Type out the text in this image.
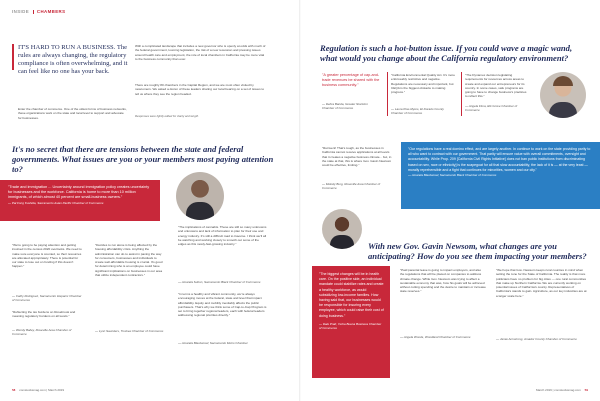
INSIDE CHAMBERS
IT'S HARD TO RUN A BUSINESS. The rules are always changing, the regulatory compliance is often overwhelming, and it can feel like no one has your back.
Enter the chamber of commerce. One of the oldest forms of business networks, these organizations work on the state and local level to support and advocate for businesses.
With a complicated landscape that includes a new governor who is openly at odds with much of the federal government, looming legislation, the risk of a new recession and pressing issues around health care and employment, the role of local chambers in California may be more vital to the business community than ever.
There are roughly 80 chambers in the Capital Region, and we are most often visited by newcomers. We asked a dozen of these leaders sharing our local bearing on a set of issues to tell us where they see the region headed.
Responses were lightly edited for clarity and length.
It's no secret that there are tensions between the state and federal governments. What issues are you or your members most paying attention to?
"Trade and immigration ... Uncertainty around immigration policy creates uncertainty for businesses and the workforce. California is home to more than 10 million immigrants, of which almost 40 percent are small-business owners."
— Pat Fong Kushida, Sacramento Asian Pacific Chamber of Commerce
"We're going to be paying attention and getting involved in the census 2020 overlooks. We need to make sure everyone is counted, so their resources are allocated appropriately. There is potential for our state to lose out on funding if this doesn't happen."
— Cathy Rodriguez, Sacramento Hispanic Chamber of Commerce
"Reflecting the tax burdens on Rosebrook and meaning regulatory burdens on all levels."
— Wendy Bailey, Roseville Area Chamber of Commerce
"Decides to run alone is being affected by the housing affordability crisis. Anything the administration can do to assist in paving the way for consumers, businesses and individuals to create well-affordable housing is crucial. It's good for determining who is an employee could have significant implications on businesses in our area that utilize independent contractors."
— Lynn Saunders, Truckee Chamber of Commerce
"The implications of cannabis. These are still so many unknowns and unknowns and lack of information to plan for their use and energy industry. It's still a difficult road to traverse. I think we'll all be watching and working closely to smooth out some of the edges as this newly-fast-growing industry."
— Amanda Sutton, Sacramento Black Chamber of Commerce
"In terms a healthy and vibrant community, we're always encouraging moves at the federal, state and level that impact affordability. Equity and mobility inevitably affects the public purchasers. That's why we think some of Cap-to-Cap Program is set to bring together regional leaders, each with federal leaders addressing regional priorities directly."
— Amanda Blackwood, Sacramento Metro Chamber
58 comstocksmag.com | March 2019
Regulation is such a hot-button issue. If you could wave a magic wand, what would you change about the California regulatory environment?
"A greater percentage of cap-and-trade revenues be shared with the business community."
— Debra Banda, Greater Stockton Chamber of Commerce
"California Environmental Quality Act. It's more enforceably restrictive and negative. Regulations are necessary and important, but CEQA is the biggest obstacle to making progress."
— Laura Kloe-Myers, El Dorado County Chamber of Commerce
"The Dynamex decision legislating requirements for resources across areas to create and expand our entrepreneurs for its country. In some cases, safe programs are going to have to change business's practices to reflect this."
— Angela Flora, Elk Grove Chamber of Commerce
"Reinvent! That's tough, as the businesses in California cannot receive applications at all levels that it creates a negative business climate... but, in the state at that, this is where Gov. Gavin Newsom could be effective, limiting."
— Melody Burg, Roseville Area Chamber of Commerce
"Our regulations have a real domino effect, and are largely another. In continue to work on the state providing parity to all who want to contract with our government. That parity will ensure value with overall commitments, oversight and accountability. While Prop. 209 [California Civil Rights Initiative] does not ban public institutions from discriminating based on sex, race or ethnicity] is the scapegoat for all that slow accountability, the lack of it is — at the very least — morally reprehensible and a fight that continues for minorities, women and our city."
— Amanda Blackwood, Sacramento Black Chamber of Commerce
With new Gov. Gavin Newsom, what changes are you anticipating? How do you see them impacting your members?
"The biggest changes will be in health care. On the positive side, an individual mandate could stabilize rates and create a healthy workforce, as would subsidizing low-income families. How having said that, our businesses would be responsible for insuring every employee, which could raise their cost of doing business."
— Dale Pratt, Yerba Buena Business Chamber of Commerce
"Paid parental leave is going to impact employers, and also the regulations that will be placed on companies to address climate change. While Gov. Newsom was trying to affect a sustainable economy that was, how his goals will be achieved without cutting spending and the desire to maintain or increase state reserves."
— Angela Woods, Woodland Chamber of Commerce
"We hope that Gov. Newsom keeps rural counties in mind when setting the tone for the State of California. The reality is that more politicians have no problem for big cities — one rural communities that make up Northern California. We are currently working on potential issues of California's county. Representatives of California's stands to gain. Agriculture, as our key industries are at a larger scale here."
— Jamie Armstrong, Amador County Chamber of Commerce
March 2019 | comstocksmag.com 59
